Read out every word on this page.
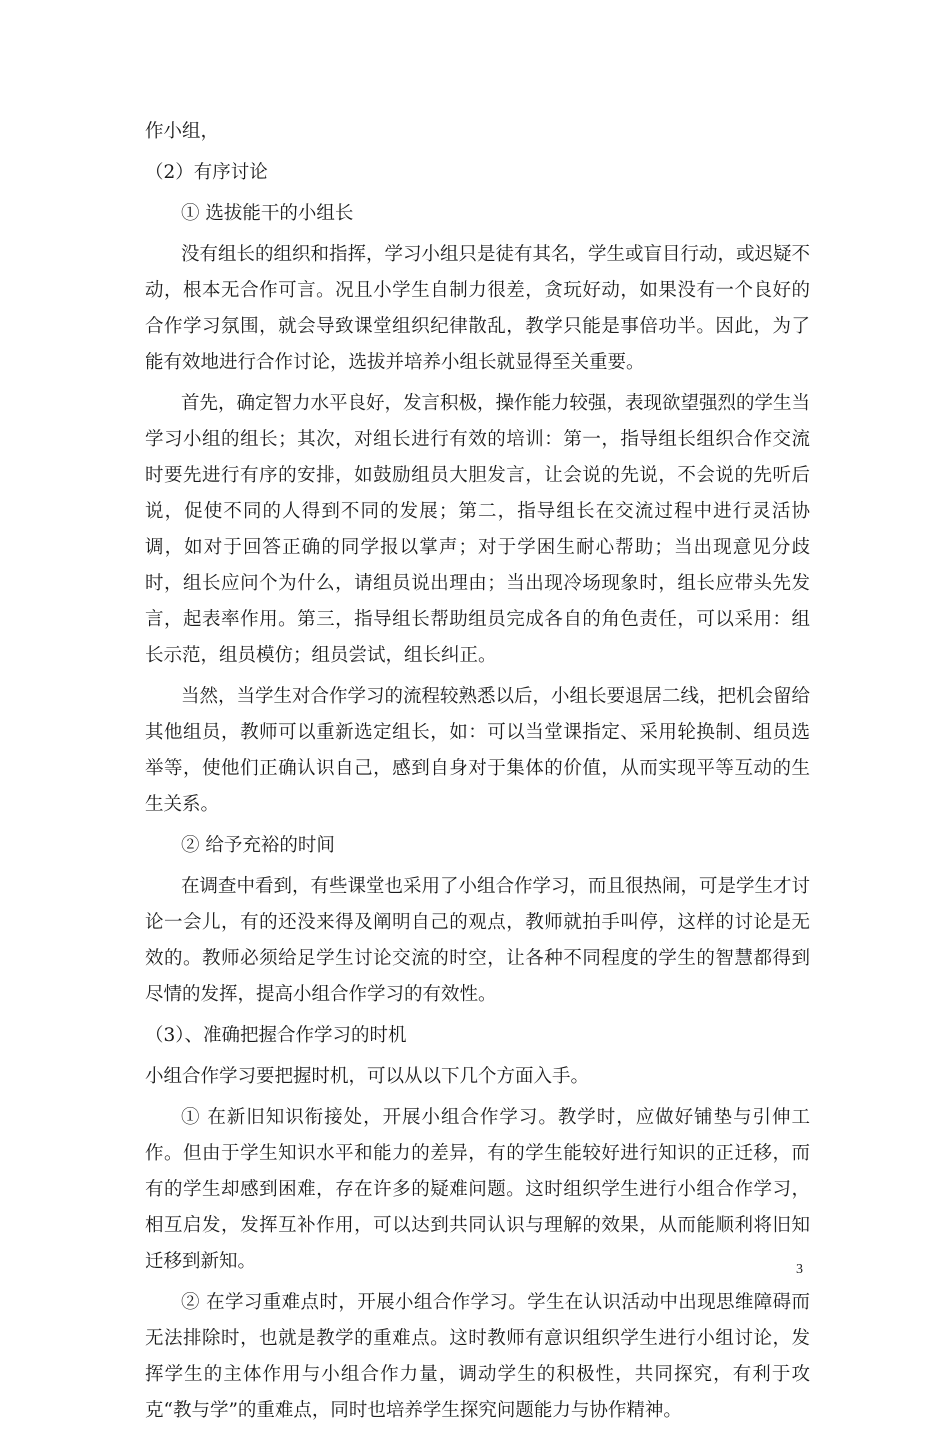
作小组，

（2）有序讨论

① 选拔能干的小组长

没有组长的组织和指挥，学习小组只是徒有其名，学生或盲目行动，或迟疑不动，根本无合作可言。况且小学生自制力很差，贪玩好动，如果没有一个良好的合作学习氛围，就会导致课堂组织纪律散乱，教学只能是事倍功半。因此，为了能有效地进行合作讨论，选拔并培养小组长就显得至关重要。

首先，确定智力水平良好，发言积极，操作能力较强，表现欲望强烈的学生当学习小组的组长；其次，对组长进行有效的培训：第一，指导组长组织合作交流时要先进行有序的安排，如鼓励组员大胆发言，让会说的先说，不会说的先听后说，促使不同的人得到不同的发展；第二，指导组长在交流过程中进行灵活协调，如对于回答正确的同学报以掌声；对于学困生耐心帮助；当出现意见分歧时，组长应问个为什么，请组员说出理由；当出现冷场现象时，组长应带头先发言，起表率作用。第三，指导组长帮助组员完成各自的角色责任，可以采用：组长示范，组员模仿；组员尝试，组长纠正。

当然，当学生对合作学习的流程较熟悉以后，小组长要退居二线，把机会留给其他组员，教师可以重新选定组长，如：可以当堂课指定、采用轮换制、组员选举等，使他们正确认识自己，感到自身对于集体的价值，从而实现平等互动的生生关系。

② 给予充裕的时间

在调查中看到，有些课堂也采用了小组合作学习，而且很热闹，可是学生才讨论一会儿，有的还没来得及阐明自己的观点，教师就拍手叫停，这样的讨论是无效的。教师必须给足学生讨论交流的时空，让各种不同程度的学生的智慧都得到尽情的发挥，提高小组合作学习的有效性。

（3）、准确把握合作学习的时机

小组合作学习要把握时机，可以从以下几个方面入手。

① 在新旧知识衔接处，开展小组合作学习。教学时，应做好铺垫与引伸工作。但由于学生知识水平和能力的差异，有的学生能较好进行知识的正迁移，而有的学生却感到困难，存在许多的疑难问题。这时组织学生进行小组合作学习，相互启发，发挥互补作用，可以达到共同认识与理解的效果，从而能顺利将旧知迁移到新知。

② 在学习重难点时，开展小组合作学习。学生在认识活动中出现思维障碍而无法排除时，也就是教学的重难点。这时教师有意识组织学生进行小组讨论，发挥学生的主体作用与小组合作力量，调动学生的积极性，共同探究，有利于攻克“教与学”的重难点，同时也培养学生探究问题能力与协作精神。

3
